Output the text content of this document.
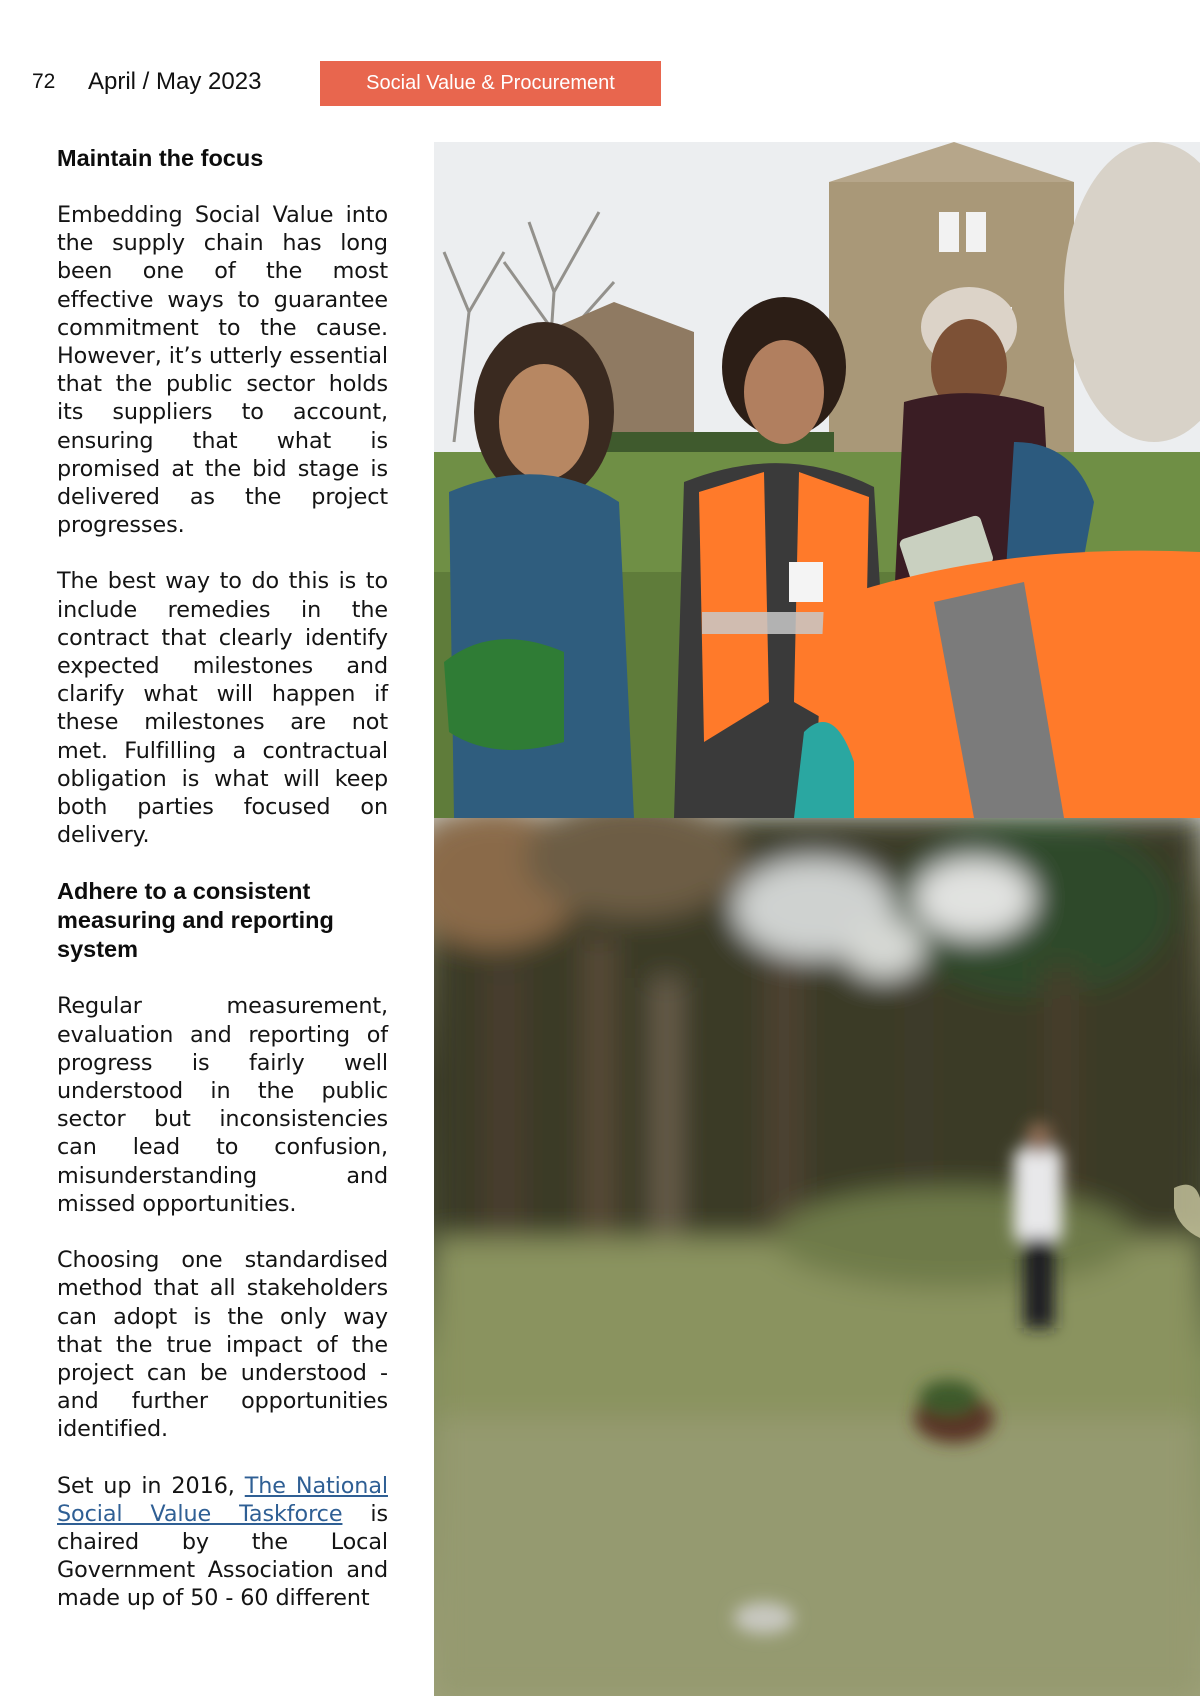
72 April / May 2023	Social Value & Procurement
Maintain the focus

Embedding Social Value into the supply chain has long been one of the most effective ways to guarantee commitment to the cause. However, it’s utterly essential that the public sector holds its suppliers to account, ensuring that what is promised at the bid stage is delivered as the project progresses.

The best way to do this is to include remedies in the contract that clearly identify expected milestones and clarify what will happen if these milestones are not met. Fulfilling a contractual obligation is what will keep both parties focused on delivery.

Adhere to a consistent measuring and reporting system

Regular measurement, evaluation and reporting of progress is fairly well understood in the public sector but inconsistencies can lead to confusion, misunderstanding and missed opportunities.

Choosing one standardised method that all stakeholders can adopt is the only way that the true impact of the project can be understood - and further opportunities identified.

Set up in 2016, The National Social Value Taskforce is chaired by the Local Government Association and made up of 50 - 60 different
